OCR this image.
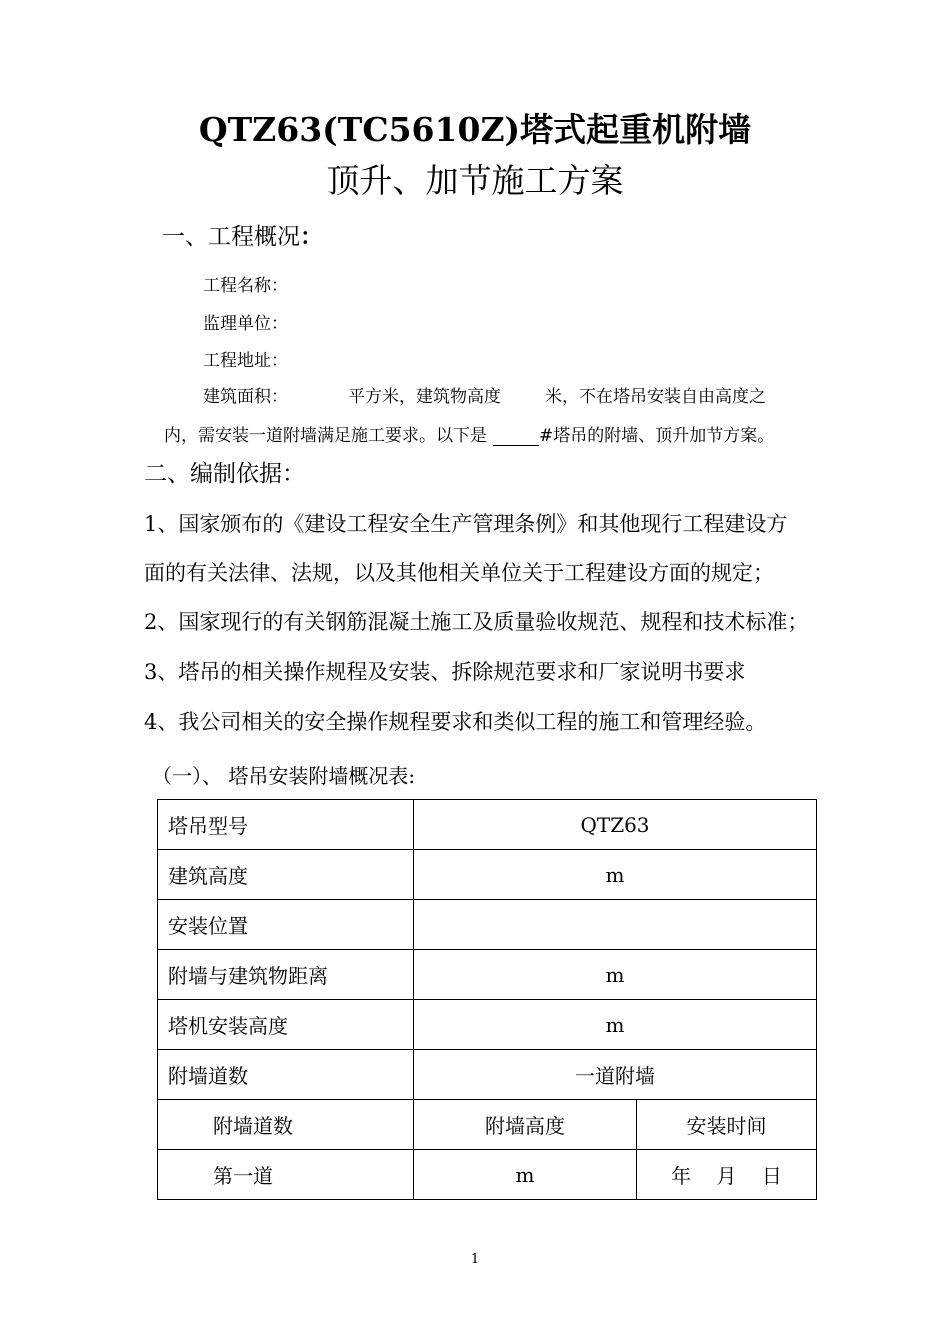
QTZ63(TC5610Z)塔式起重机附墙
顶升、加节施工方案
一、工程概况：
工程名称：
监理单位：
工程地址：
建筑面积：	平方米，建筑物高度	米，不在塔吊安装自由高度之
内，需安装一道附墙满足施工要求。以下是	#塔吊的附墙、顶升加节方案。
二、编制依据：
1、国家颁布的《建设工程安全生产管理条例》和其他现行工程建设方
面的有关法律、法规，以及其他相关单位关于工程建设方面的规定；
2、国家现行的有关钢筋混凝土施工及质量验收规范、规程和技术标准；
3、塔吊的相关操作规程及安装、拆除规范要求和厂家说明书要求
4、我公司相关的安全操作规程要求和类似工程的施工和管理经验。
（一）、 塔吊安装附墙概况表:
塔吊型号	QTZ63	
建筑高度	m	
安装位置		
附墙与建筑物距离	m	
塔机安装高度	m	
附墙道数	一道附墙	
附墙道数	附墙高度	安装时间
第一道	m	年    月    日
1
